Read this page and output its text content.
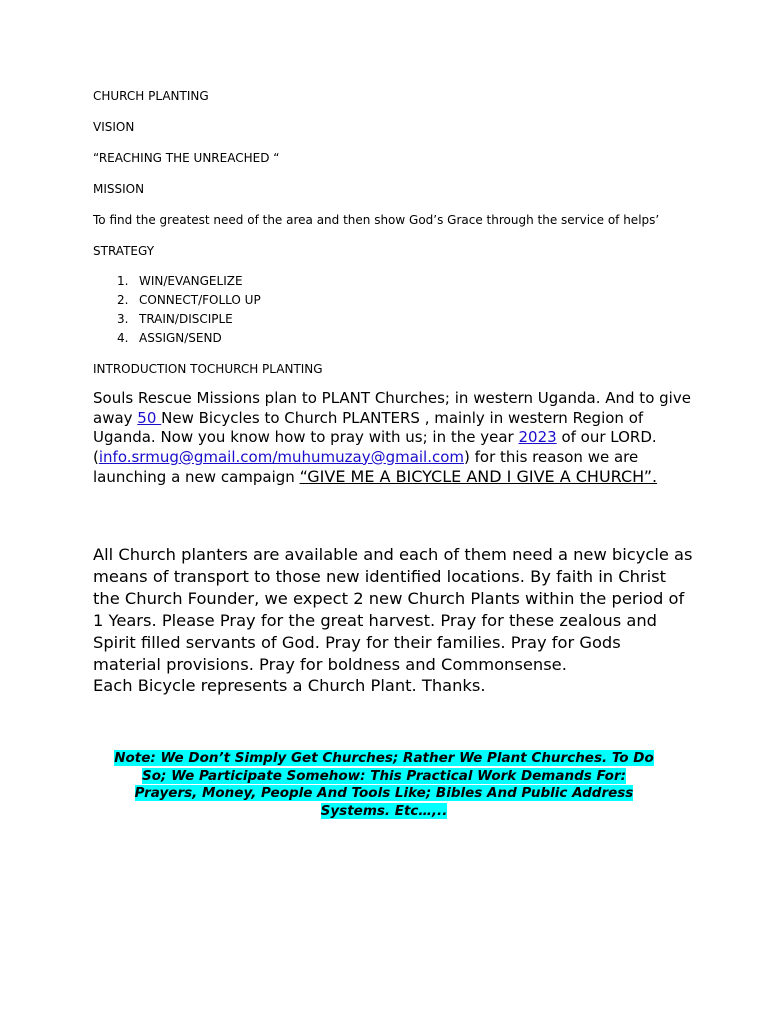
CHURCH PLANTING
VISION
“REACHING THE UNREACHED “
MISSION
To find the greatest need of the area and then show God’s Grace through the service of helps’
STRATEGY
1. WIN/EVANGELIZE
2. CONNECT/FOLLO UP
3. TRAIN/DISCIPLE
4. ASSIGN/SEND
INTRODUCTION TOCHURCH PLANTING
Souls Rescue Missions plan to PLANT Churches; in western Uganda. And to give away 50 New Bicycles to Church PLANTERS , mainly in western Region of Uganda. Now you know how to pray with us; in the year 2023 of our LORD.
(info.srmug@gmail.com/muhumuzay@gmail.com) for this reason we are launching a new campaign “GIVE ME A BICYCLE AND I GIVE A CHURCH”.
All Church planters are available and each of them need a new bicycle as means of transport to those new identified locations. By faith in Christ the Church Founder, we expect 2 new Church Plants within the period of 1 Years. Please Pray for the great harvest. Pray for these zealous and Spirit filled servants of God. Pray for their families. Pray for Gods material provisions. Pray for boldness and Commonsense.
Each Bicycle represents a Church Plant. Thanks.
Note: We Don’t Simply Get Churches; Rather We Plant Churches. To Do
So; We Participate Somehow: This Practical Work Demands For:
Prayers, Money, People And Tools Like; Bibles And Public Address
Systems. Etc…,..
